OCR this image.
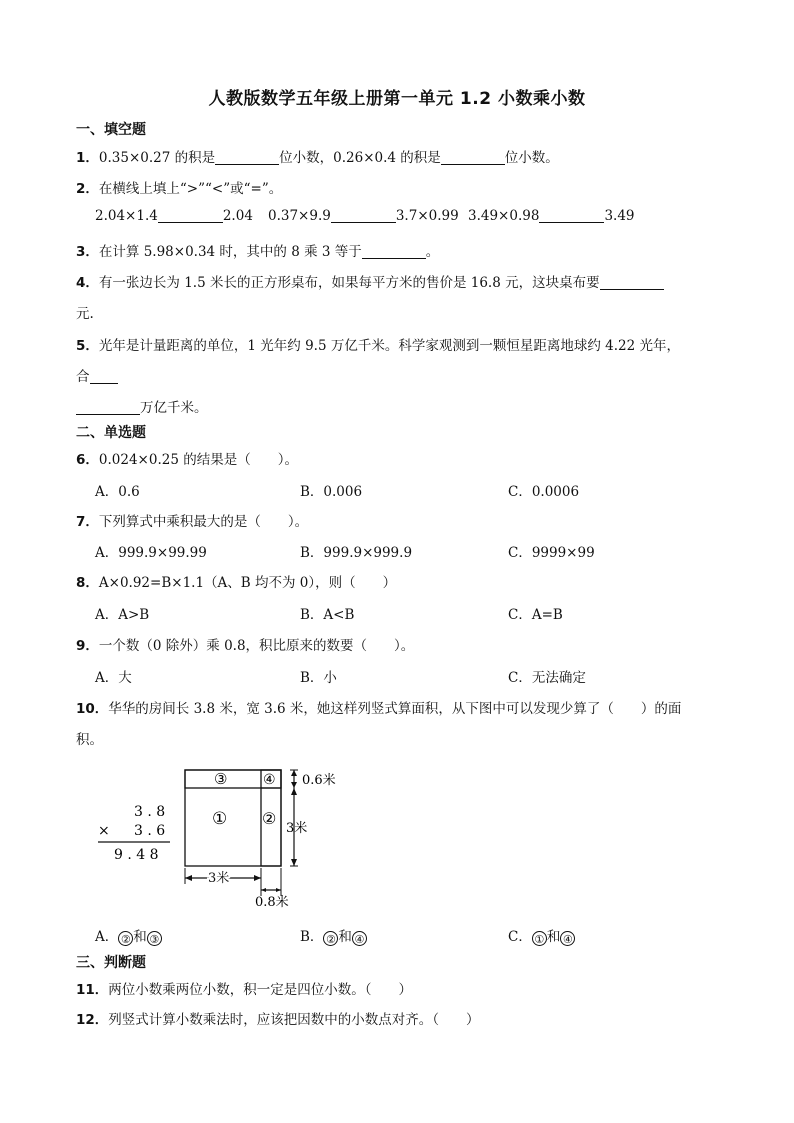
人教版数学五年级上册第一单元 1.2 小数乘小数
一、填空题
1．0.35×0.27 的积是	位小数，0.26×0.4 的积是	位小数。
2．在横线上填上“>”“<”或“=”。
2.04×1.4	2.04 0.37×9.9	3.7×0.99 3.49×0.98	3.49
3．在计算 5.98×0.34 时，其中的 8 乘 3 等于	。
4．有一张边长为 1.5 米长的正方形桌布，如果每平方米的售价是 16.8 元，这块桌布要
元.
5．光年是计量距离的单位，1 光年约 9.5 万亿千米。科学家观测到一颗恒星距离地球约 4.22 光年，
合
万亿千米。
二、单选题
6．0.024×0.25 的结果是（　　）。
A．0.6	B．0.006	C．0.0006
7．下列算式中乘积最大的是（　　）。
A．999.9×99.99	B．999.9×999.9	C．9999×99
8．A×0.92=B×1.1（A、B 均不为 0），则（　　）
A．A>B	B．A<B	C．A=B
9．一个数（0 除外）乘 0.8，积比原来的数要（　　）。
A．大	B．小	C．无法确定
10．华华的房间长 3.8 米，宽 3.6 米，她这样列竖式算面积，从下图中可以发现少算了（　　）的面
积。
3 . 8
× 3 . 6
9 . 4 8
① ②
③	④ 0.6米
3米
3米
0.8米
A． ② 和 ③	B． ② 和 ④	C． ① 和 ④
三、判断题
11．两位小数乘两位小数，积一定是四位小数。（　　）
12．列竖式计算小数乘法时，应该把因数中的小数点对齐。（　　）
